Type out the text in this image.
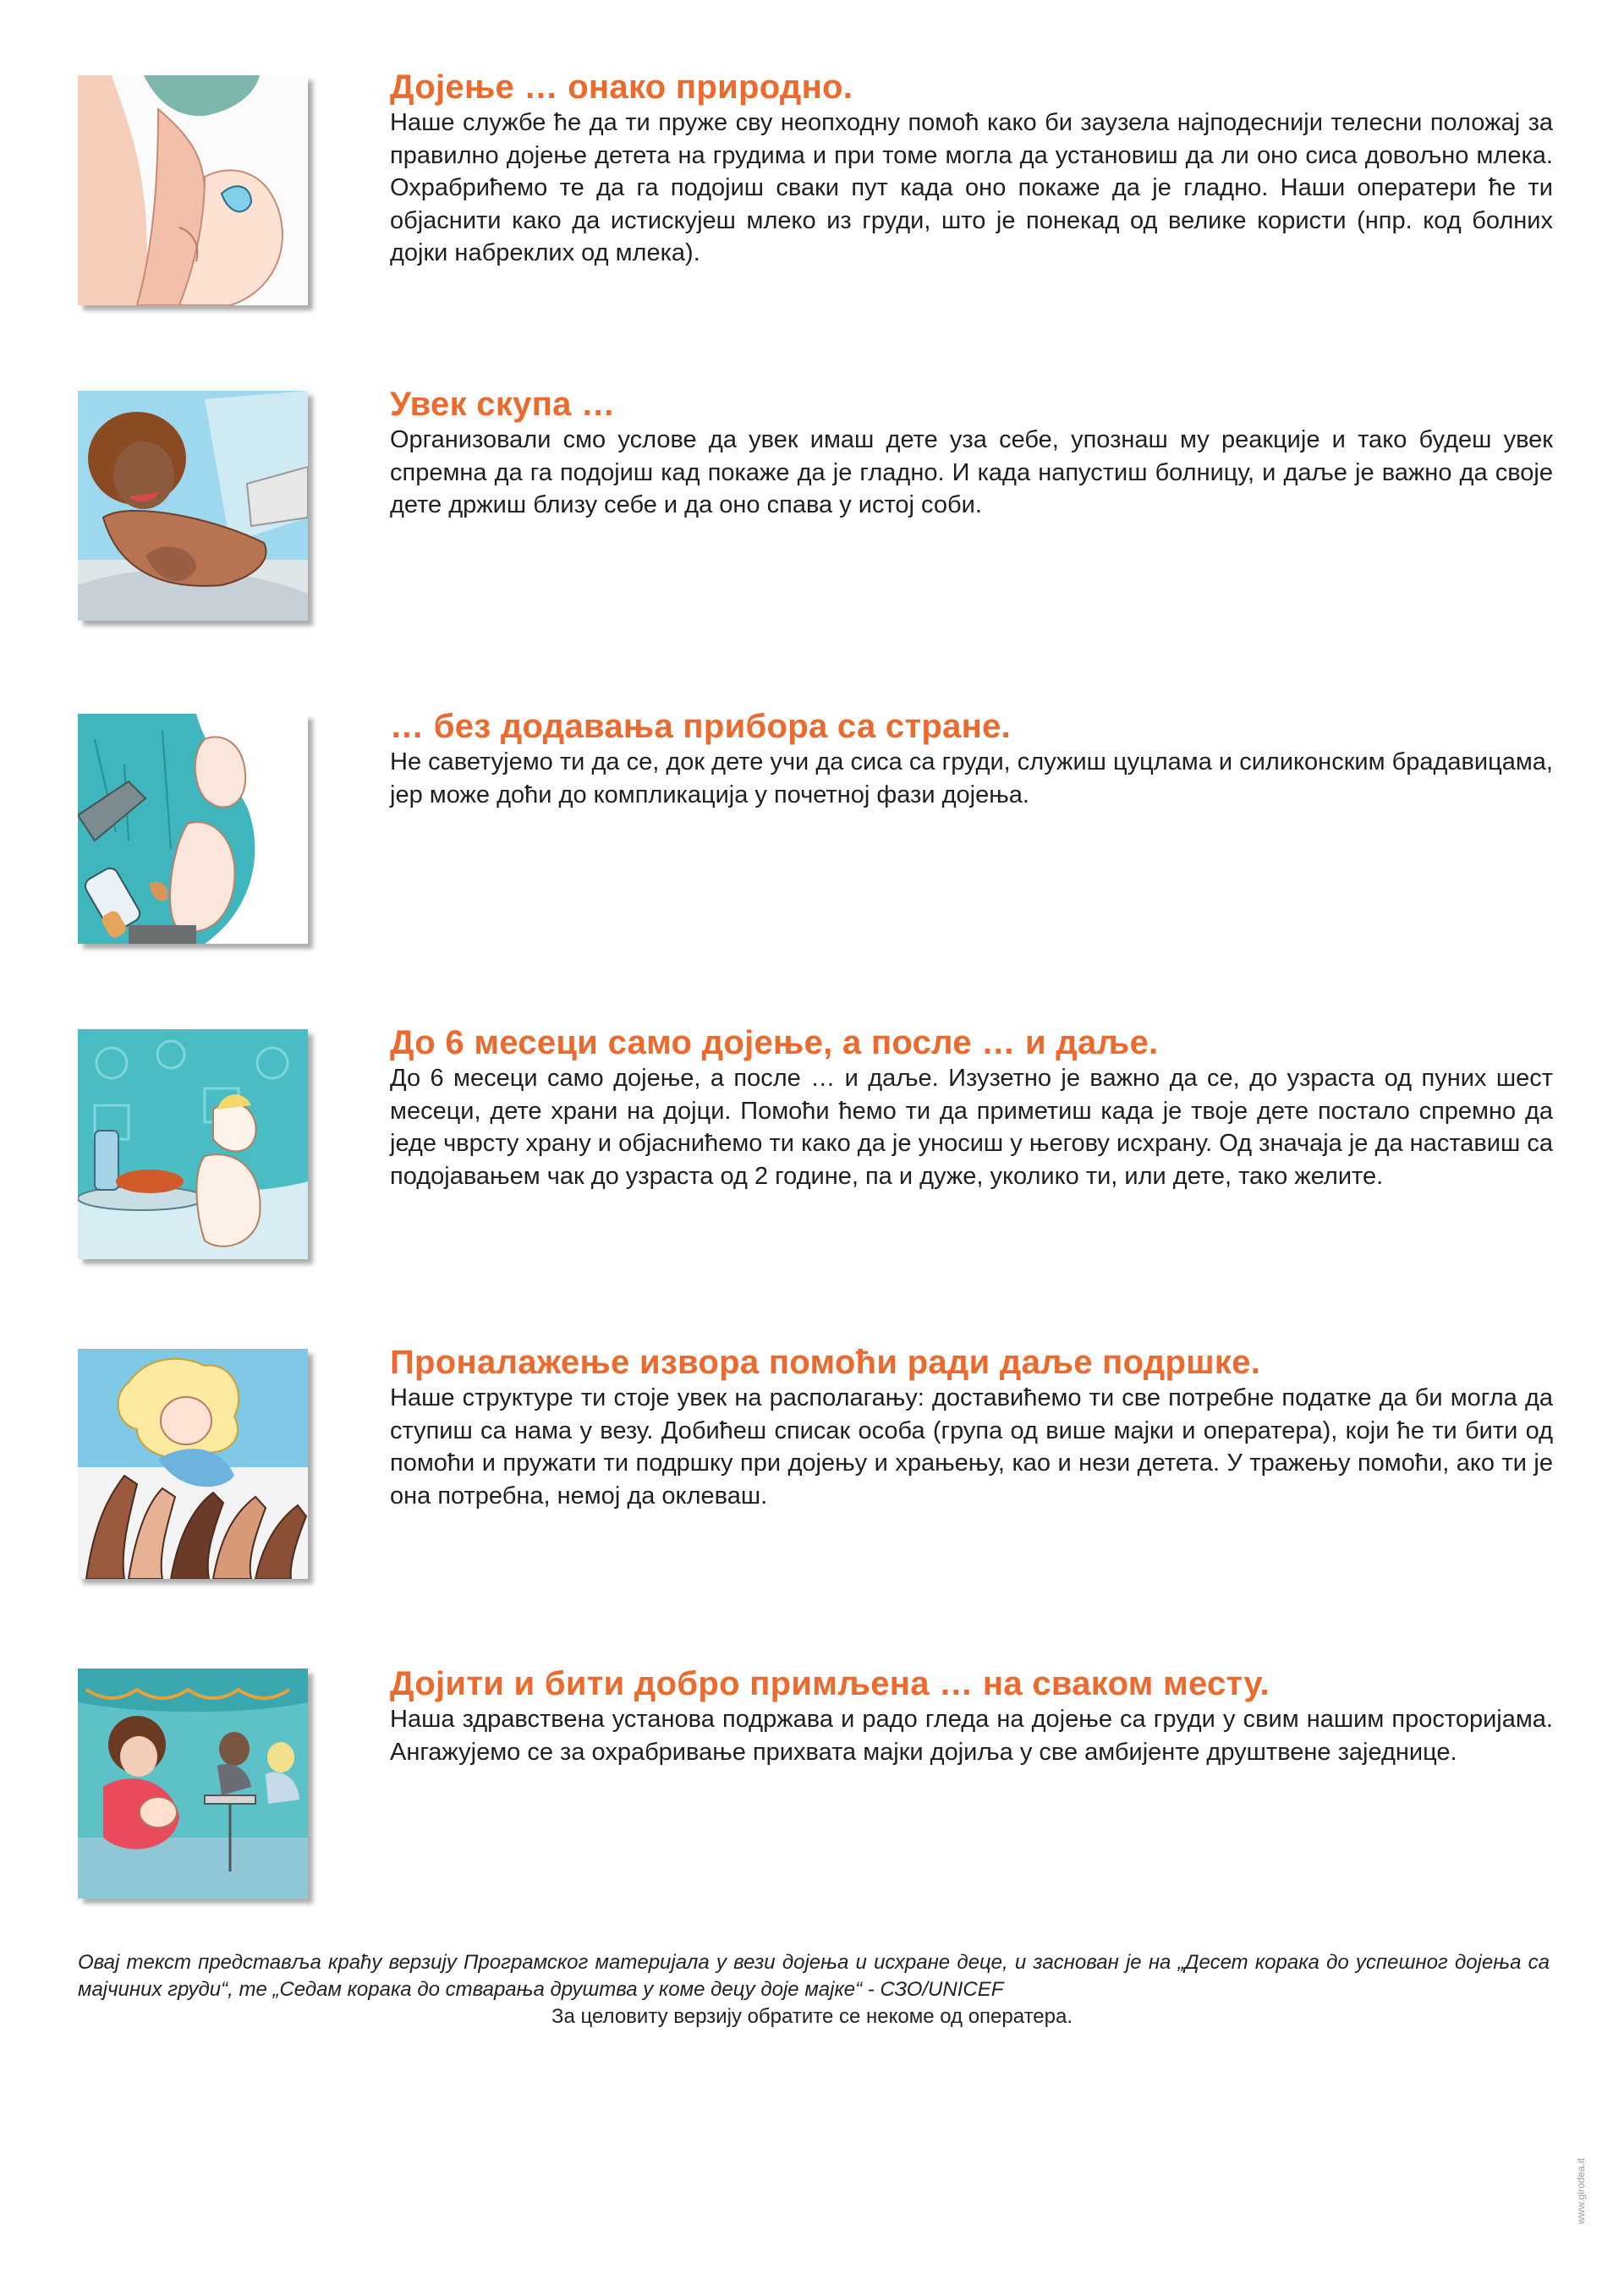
Дојење … онако природно.

Наше службе ће да ти пруже сву неопходну помоћ како би заузела најподеснији телесни положај за правилно дојење детета на грудима и при томе могла да установиш да ли оно сиса довољно млека. Охрабрићемо те да га подојиш сваки пут када оно покаже да је гладно. Наши оператери ће ти објаснити како да истискујеш млеко из груди, што је понекад од велике користи (нпр. код болних дојки набреклих од млека).

Увек скупа …

Организовали смо услове да увек имаш дете уза себе, упознаш му реакције и тако будеш увек спремна да га подојиш кад покаже да је гладно. И када напустиш болницу, и даље је важно да своје дете држиш близу себе и да оно спава у истој соби.

… без додавања прибора са стране.

Не саветујемо ти да се, док дете учи да сиса са груди, служиш цуцлама и силиконским брадавицама, јер може доћи до компликација у почетној фази дојења.

До 6 месеци само дојење, а после … и даље.

До 6 месеци само дојење, а после … и даље. Изузетно је важно да се, до узраста од пуних шест месеци, дете храни на дојци. Помоћи ћемо ти да приметиш када је твоје дете постало спремно да једе чврсту храну и објаснићемо ти како да је уносиш у његову исхрану. Од значаја је да наставиш са подојавањем чак до узраста од 2 године, па и дуже, уколико ти, или дете, тако желите.

Проналажење извора помоћи ради даље подршке.

Наше структуре ти стоје увек на располагању: доставићемо ти све потребне податке да би могла да ступиш са нама у везу. Добићеш списак особа (група од више мајки и оператера), који ће ти бити од помоћи и пружати ти подршку при дојењу и храњењу, као и нези детета. У тражењу помоћи, ако ти је она потребна, немој да оклеваш.

Дојити и бити добро примљена … на сваком месту.

Наша здравствена установа подржава и радо гледа на дојење са груди у свим нашим просторијама. Ангажујемо се за охрабривање прихвата мајки дојиља у све амбијенте друштвене заједнице.

Овај текст представља краћу верзију Програмског материјала у вези дојења и исхране деце, и заснован је на „Десет корака до успешног дојења са мајчиних груди“, те „Седам корака до стварања друштва у коме децу доје мајке“ - СЗО/UNICEF

За целовиту верзију обратите се некоме од оператера.

www.girodea.it
